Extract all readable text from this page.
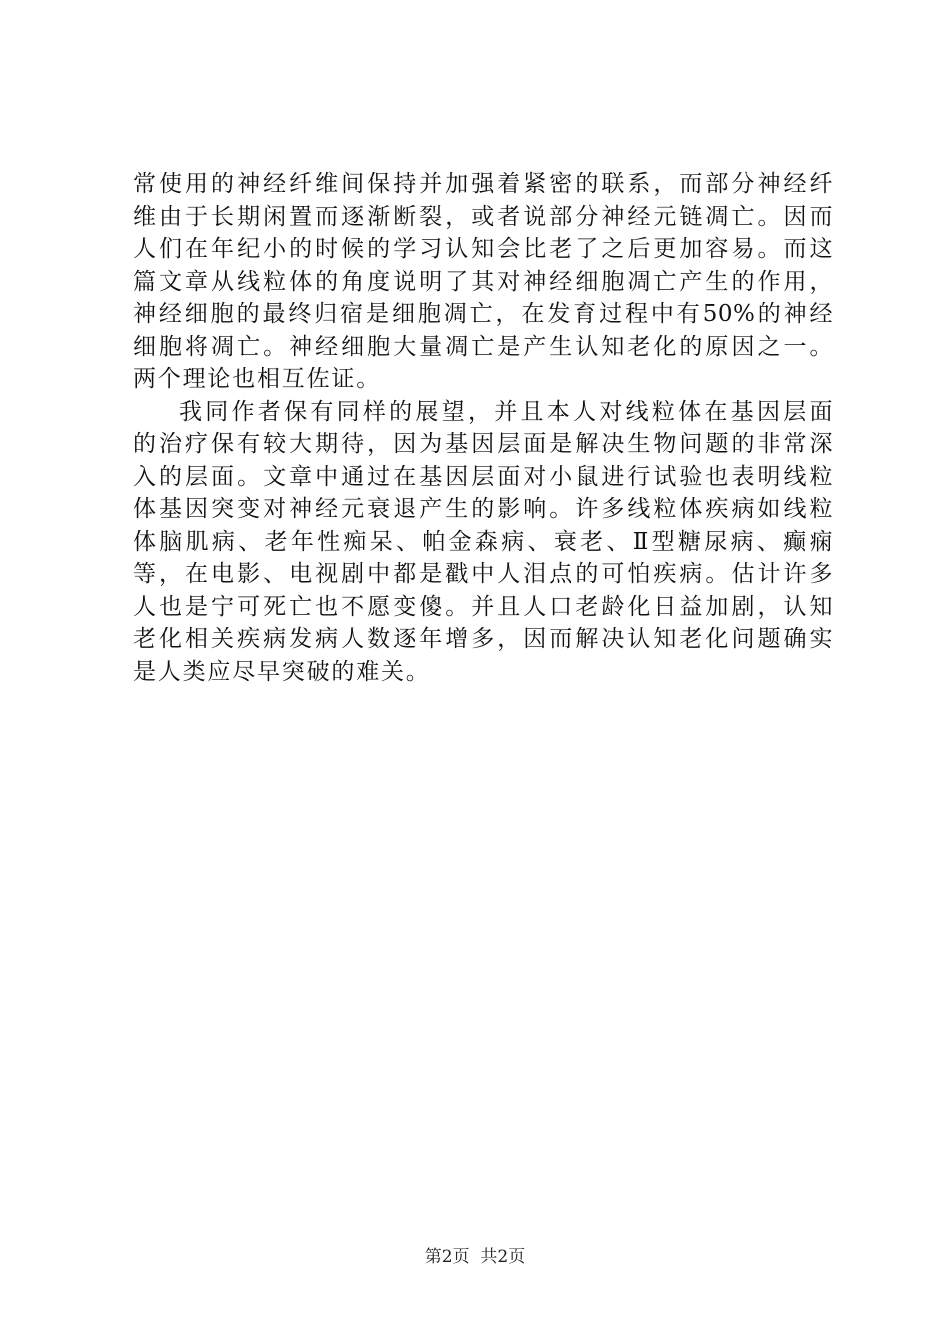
常使用的神经纤维间保持并加强着紧密的联系，而部分神经纤
维由于长期闲置而逐渐断裂，或者说部分神经元链凋亡。因而
人们在年纪小的时候的学习认知会比老了之后更加容易。而这
篇文章从线粒体的角度说明了其对神经细胞凋亡产生的作用，
神经细胞的最终归宿是细胞凋亡，在发育过程中有50%的神经
细胞将凋亡。神经细胞大量凋亡是产生认知老化的原因之一。
两个理论也相互佐证。
我同作者保有同样的展望，并且本人对线粒体在基因层面
的治疗保有较大期待，因为基因层面是解决生物问题的非常深
入的层面。文章中通过在基因层面对小鼠进行试验也表明线粒
体基因突变对神经元衰退产生的影响。许多线粒体疾病如线粒
体脑肌病、老年性痴呆、帕金森病、衰老、Ⅱ型糖尿病、癫痫
等，在电影、电视剧中都是戳中人泪点的可怕疾病。估计许多
人也是宁可死亡也不愿变傻。并且人口老龄化日益加剧，认知
老化相关疾病发病人数逐年增多，因而解决认知老化问题确实
是人类应尽早突破的难关。
第2页  共2页
